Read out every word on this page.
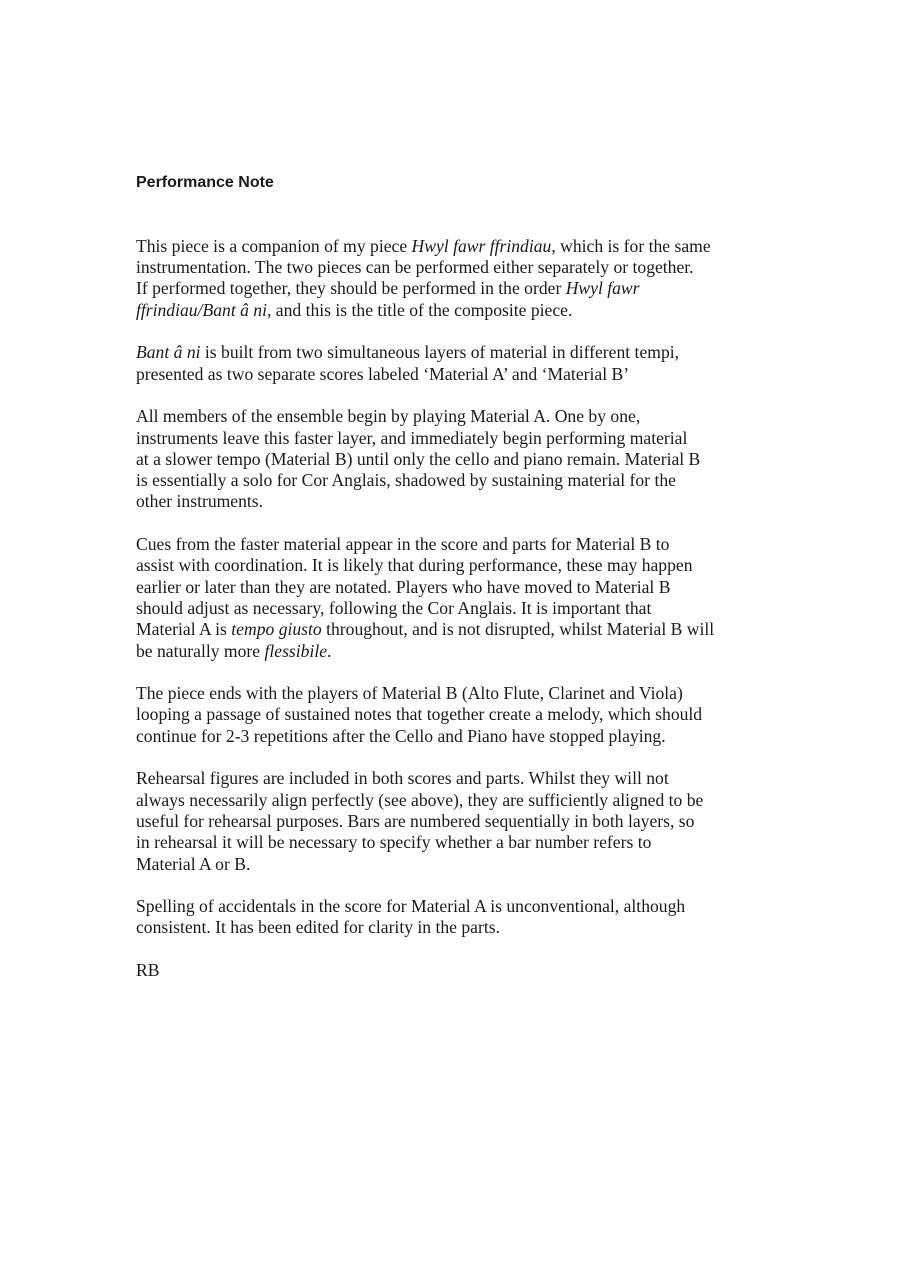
Performance Note
This piece is a companion of my piece Hwyl fawr ffrindiau, which is for the same
instrumentation. The two pieces can be performed either separately or together.
If performed together, they should be performed in the order Hwyl fawr
ffrindiau/Bant â ni, and this is the title of the composite piece.
Bant â ni is built from two simultaneous layers of material in different tempi,
presented as two separate scores labeled ‘Material A’ and ‘Material B’
All members of the ensemble begin by playing Material A. One by one,
instruments leave this faster layer, and immediately begin performing material
at a slower tempo (Material B) until only the cello and piano remain. Material B
is essentially a solo for Cor Anglais, shadowed by sustaining material for the
other instruments.
Cues from the faster material appear in the score and parts for Material B to
assist with coordination. It is likely that during performance, these may happen
earlier or later than they are notated. Players who have moved to Material B
should adjust as necessary, following the Cor Anglais. It is important that
Material A is tempo giusto throughout, and is not disrupted, whilst Material B will
be naturally more flessibile.
The piece ends with the players of Material B (Alto Flute, Clarinet and Viola)
looping a passage of sustained notes that together create a melody, which should
continue for 2-3 repetitions after the Cello and Piano have stopped playing.
Rehearsal figures are included in both scores and parts. Whilst they will not
always necessarily align perfectly (see above), they are sufficiently aligned to be
useful for rehearsal purposes. Bars are numbered sequentially in both layers, so
in rehearsal it will be necessary to specify whether a bar number refers to
Material A or B.
Spelling of accidentals in the score for Material A is unconventional, although
consistent. It has been edited for clarity in the parts.
RB
